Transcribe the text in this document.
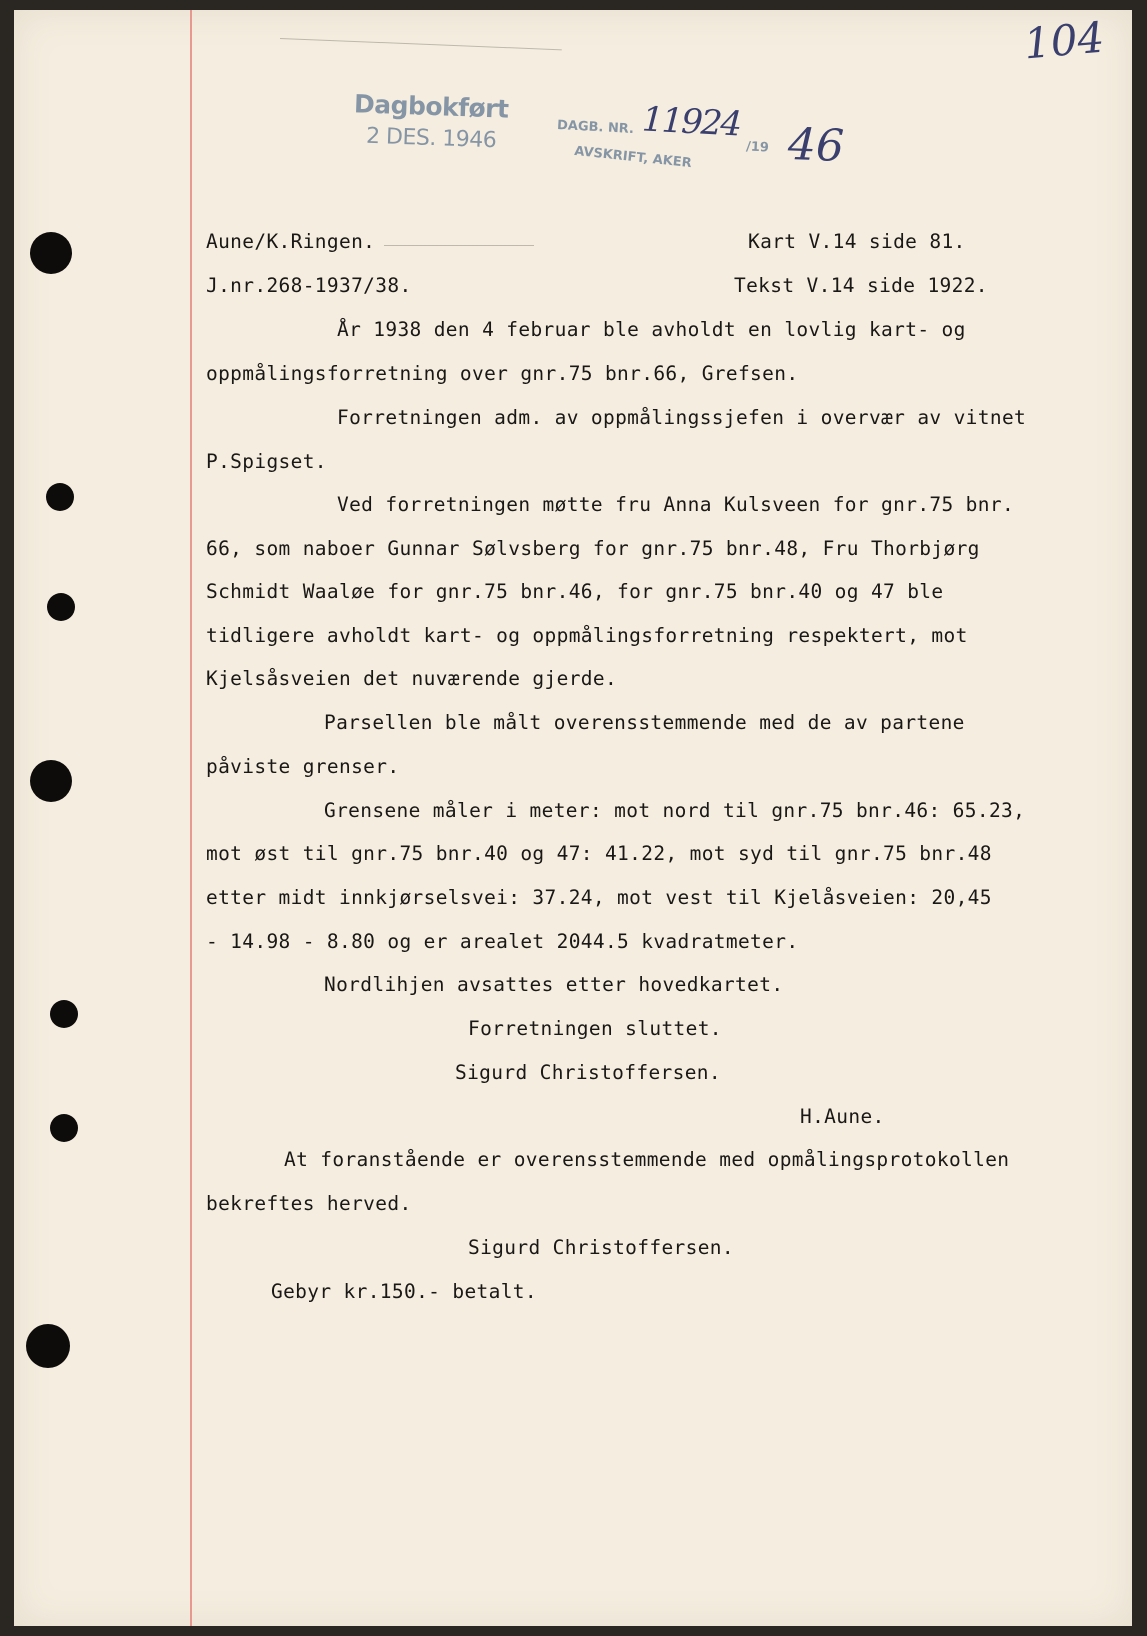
104
Dagbokført
2 DES. 1946	DAGB. NR. 11924
/19 46
AVSKRIFT, AKER
Aune/K.Ringen.
J.nr.268-1937/38.
Kart V.14 side 81.
Tekst V.14 side 1922.
År 1938 den 4 februar ble avholdt en lovlig kart- og
oppmålingsforretning over gnr.75 bnr.66, Grefsen.
Forretningen adm. av oppmålingssjefen i overvær av vitnet
P.Spigset.
Ved forretningen møtte fru Anna Kulsveen for gnr.75 bnr.
66, som naboer Gunnar Sølvsberg for gnr.75 bnr.48, Fru Thorbjørg
Schmidt Waaløe for gnr.75 bnr.46, for gnr.75 bnr.40 og 47 ble
tidligere avholdt kart- og oppmålingsforretning respektert, mot
Kjelsåsveien det nuværende gjerde.
Parsellen ble målt overensstemmende med de av partene
påviste grenser.
Grensene måler i meter: mot nord til gnr.75 bnr.46: 65.23,
mot øst til gnr.75 bnr.40 og 47: 41.22, mot syd til gnr.75 bnr.48
etter midt innkjørselsvei: 37.24, mot vest til Kjelåsveien: 20,45
- 14.98 - 8.80 og er arealet 2044.5 kvadratmeter.
Nordlihjen avsattes etter hovedkartet.
Forretningen sluttet.
Sigurd Christoffersen.
H.Aune.
At foranstående er overensstemmende med opmålingsprotokollen
bekreftes herved.
Sigurd Christoffersen.
Gebyr kr.150.- betalt.
